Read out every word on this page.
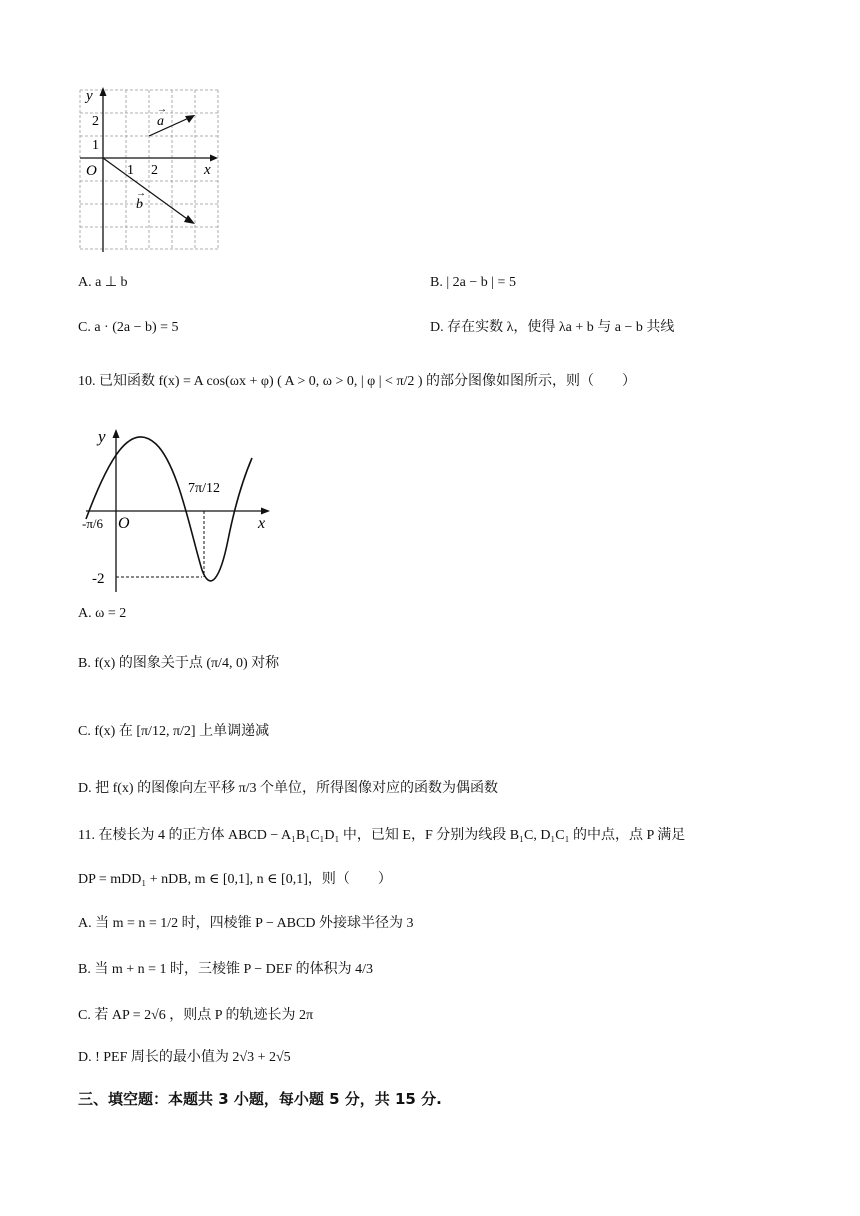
y
x
O 1 2
1
2	a
→
b
→
A. a ⊥ b	B. | 2a − b | = 5
C. a · (2a − b) = 5	D. 存在实数 λ，使得 λa + b 与 a − b 共线
10. 已知函数 f(x) = A cos(ωx + φ) ( A > 0, ω > 0, | φ | < π/2 ) 的部分图像如图所示，则（　　）
y
x
O
-π/6
7π/12
-2
A. ω = 2
B. f(x) 的图象关于点 (π/4, 0) 对称
C. f(x) 在 [π/12, π/2] 上单调递减
D. 把 f(x) 的图像向左平移 π/3 个单位，所得图像对应的函数为偶函数
11. 在棱长为 4 的正方体 ABCD − A₁B₁C₁D₁ 中，已知 E，F 分别为线段 B₁C, D₁C₁ 的中点，点 P 满足
DP = mDD₁ + nDB, m ∈ [0,1], n ∈ [0,1]，则（　　）
A. 当 m = n = 1/2 时，四棱锥 P − ABCD 外接球半径为 3
B. 当 m + n = 1 时，三棱锥 P − DEF 的体积为 4/3
C. 若 AP = 2√6 ，则点 P 的轨迹长为 2π
D. ! PEF 周长的最小值为 2√3 + 2√5
三、填空题：本题共 3 小题，每小题 5 分，共 15 分.
